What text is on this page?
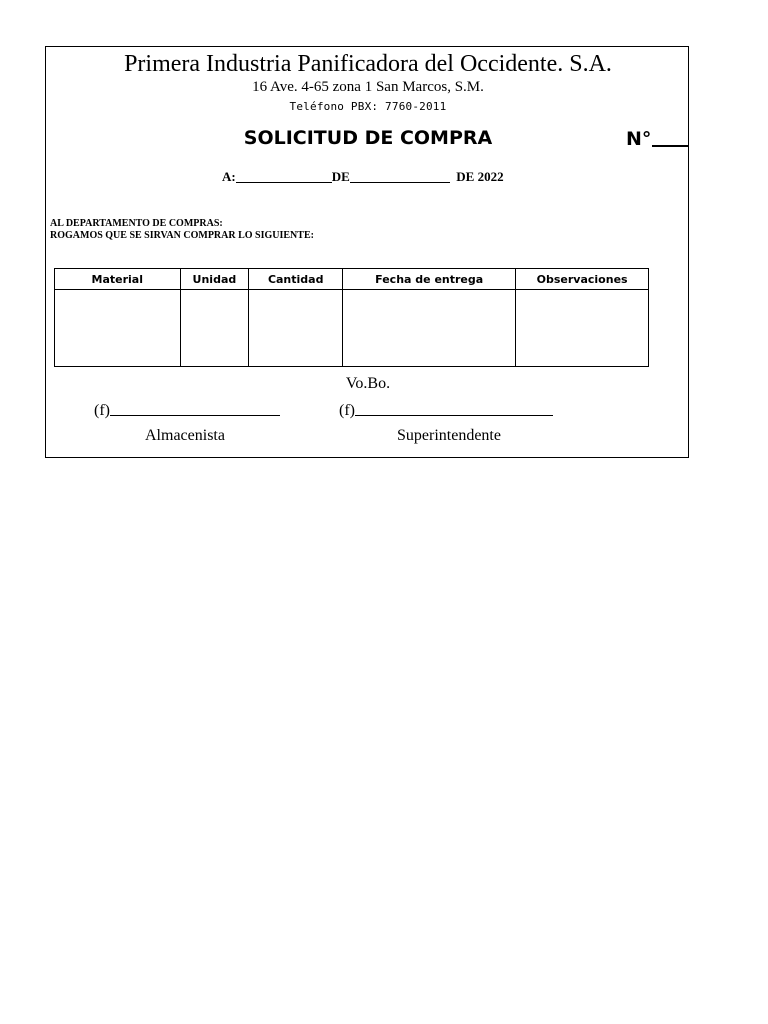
Primera Industria Panificadora del Occidente. S.A.
16 Ave. 4-65 zona 1 San Marcos, S.M.
Teléfono PBX: 7760-2011
SOLICITUD DE COMPRA	N°
A:	DE	DE 2022
AL DEPARTAMENTO DE COMPRAS:
ROGAMOS QUE SE SIRVAN COMPRAR LO SIGUIENTE:
Material	Unidad	Cantidad	Fecha de entrega	Observaciones

Vo.Bo.
(f)	(f)
Almacenista	Superintendente
